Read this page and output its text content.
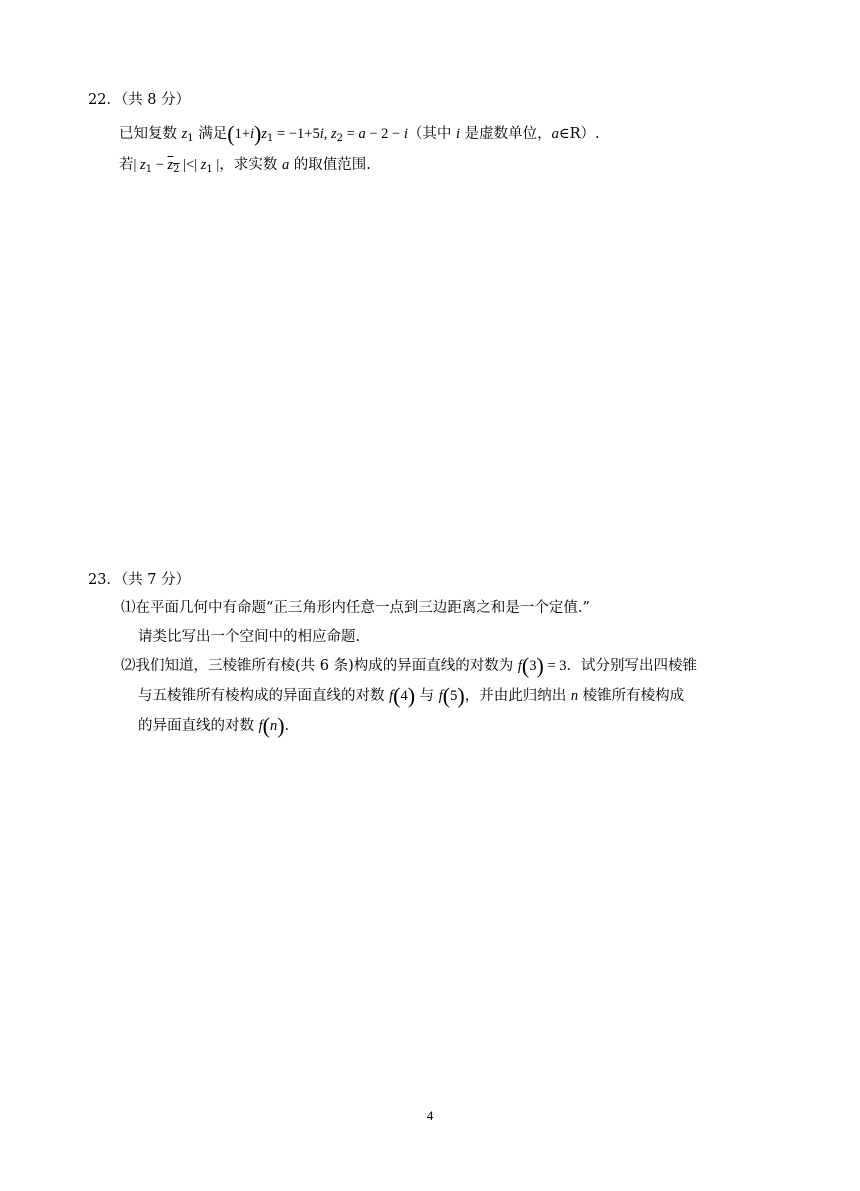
22．（共 8 分）
已知复数 $z_1$ 满足$(1+i)z_1 = -1+5i$, $z_2 = a - 2 - i$（其中 i 是虚数单位，a∈R）.
若| $z_1 - z_2$ |<| $z_1$ |，求实数 a 的取值范围.
23．（共 7 分）
⑴在平面几何中有命题“正三角形内任意一点到三边距离之和是一个定值.”
请类比写出一个空间中的相应命题.
⑵我们知道，三棱锥所有棱(共 6 条)构成的异面直线的对数为 f(3) = 3．试分别写出四棱锥
与五棱锥所有棱构成的异面直线的对数 f(4) 与 f(5)，并由此归纳出 n 棱锥所有棱构成
的异面直线的对数 f(n).
4
